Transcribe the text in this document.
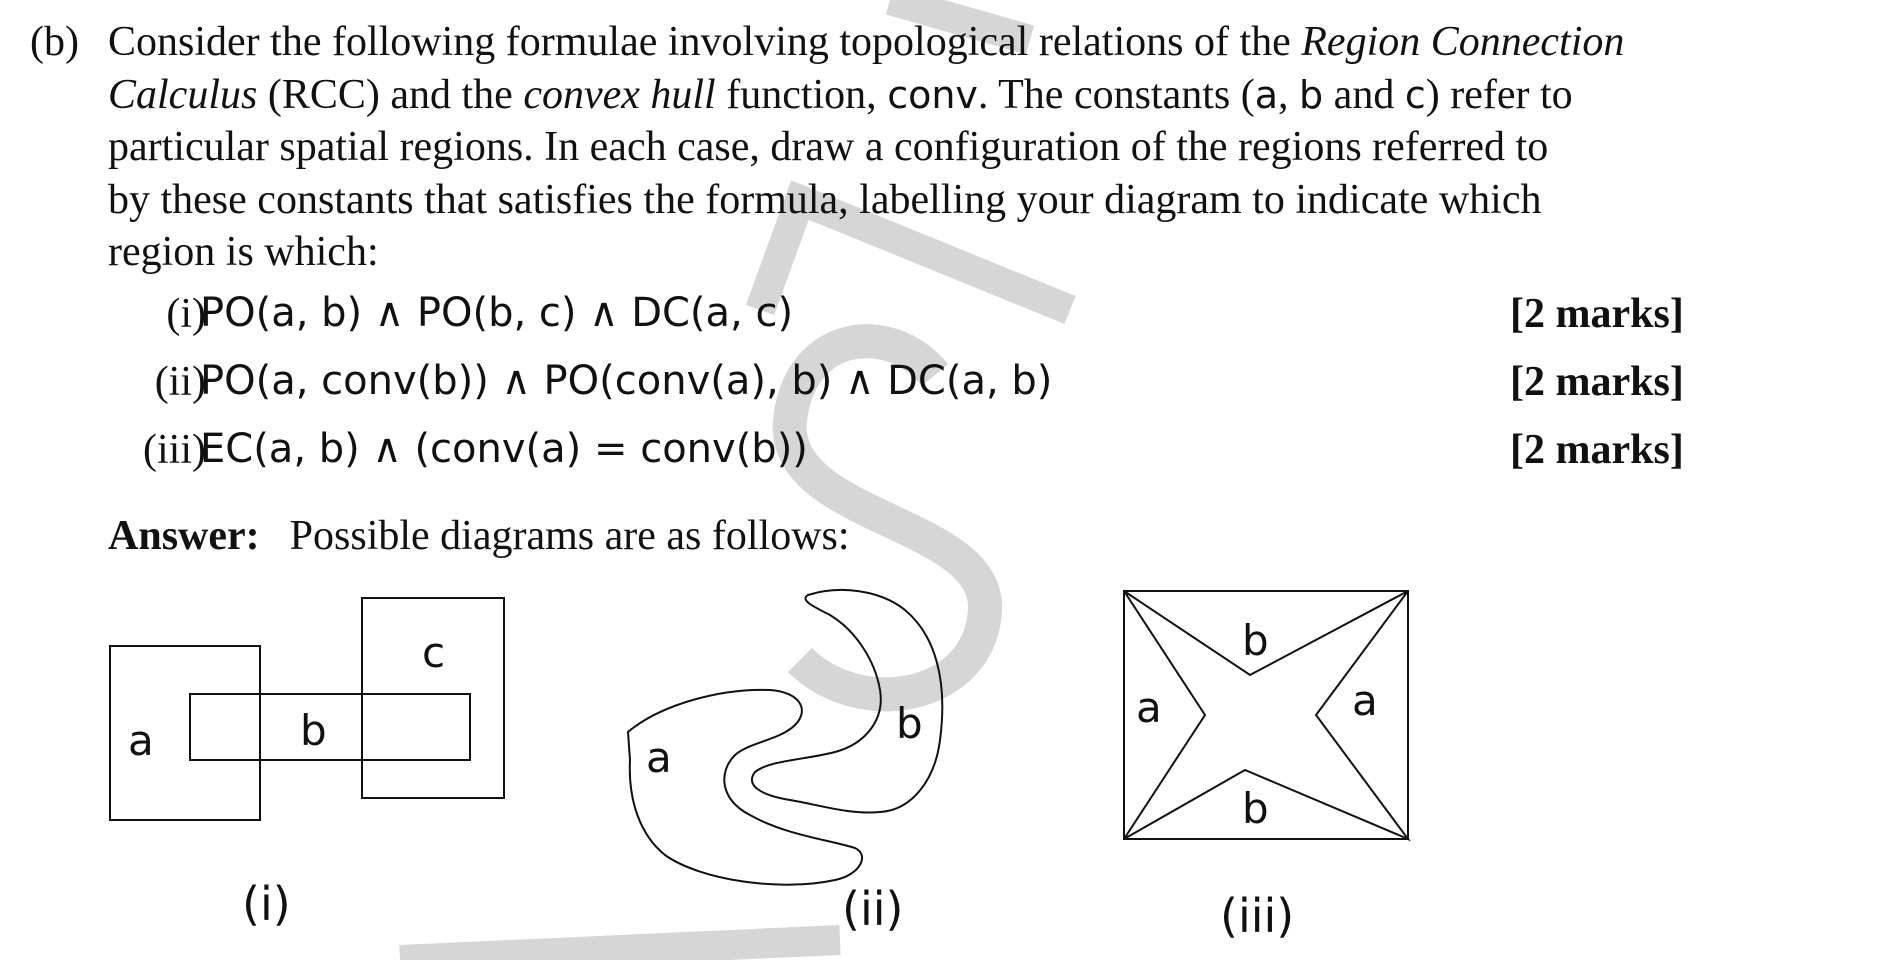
(b) Consider the following formulae involving topological relations of the Region Connection
Calculus (RCC) and the convex hull function, conv. The constants (a, b and c) refer to
particular spatial regions. In each case, draw a configuration of the regions referred to
by these constants that satisfies the formula, labelling your diagram to indicate which
region is which:
(i)
PO(a, b) ∧ PO(b, c) ∧ DC(a, c)	[2 marks]
(ii)
PO(a, conv(b)) ∧ PO(conv(a), b) ∧ DC(a, b)	[2 marks]
(iii)
EC(a, b) ∧ (conv(a) = conv(b))	[2 marks]
Answer: Possible diagrams are as follows:
a	b
c
(i)
a
b
(ii)
a	a
b
b
(iii)
